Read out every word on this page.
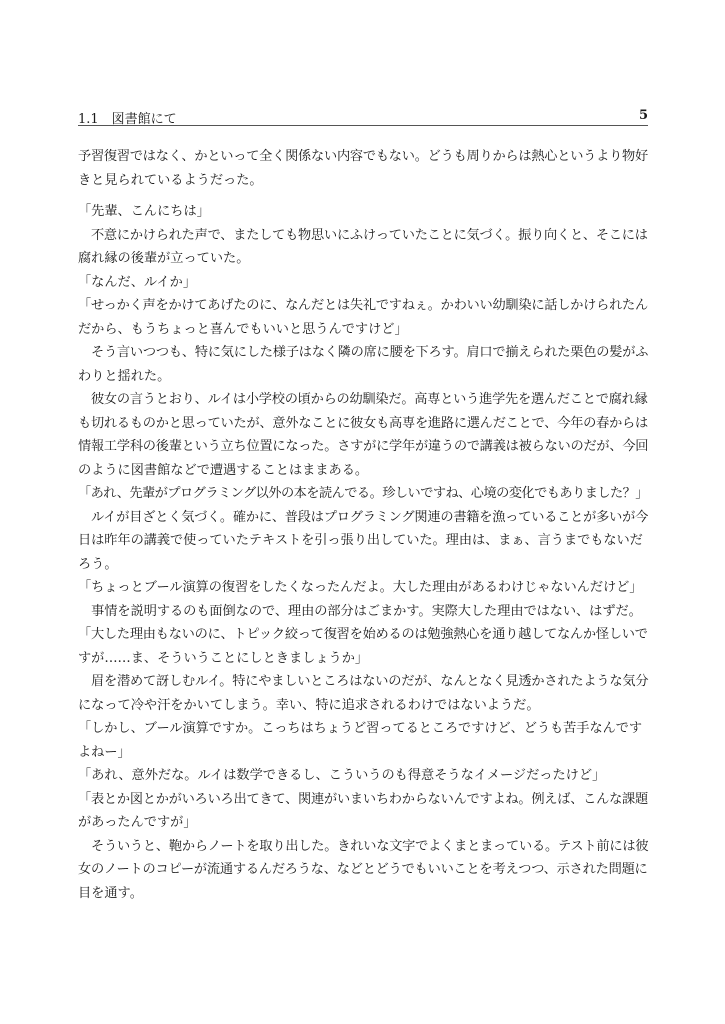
1.1　図書館にて	5
予習復習ではなく、かといって全く関係ない内容でもない。どうも周りからは熱心というより物好
きと見られているようだった。
「先輩、こんにちは」
　不意にかけられた声で、またしても物思いにふけっていたことに気づく。振り向くと、そこには
腐れ縁の後輩が立っていた。
「なんだ、ルイか」
「せっかく声をかけてあげたのに、なんだとは失礼ですねぇ。かわいい幼馴染に話しかけられたん
だから、もうちょっと喜んでもいいと思うんですけど」
　そう言いつつも、特に気にした様子はなく隣の席に腰を下ろす。肩口で揃えられた栗色の髪がふ
わりと揺れた。
　彼女の言うとおり、ルイは小学校の頃からの幼馴染だ。高専という進学先を選んだことで腐れ縁
も切れるものかと思っていたが、意外なことに彼女も高専を進路に選んだことで、今年の春からは
情報工学科の後輩という立ち位置になった。さすがに学年が違うので講義は被らないのだが、今回
のように図書館などで遭遇することはままある。
「あれ、先輩がプログラミング以外の本を読んでる。珍しいですね、心境の変化でもありました？」
　ルイが目ざとく気づく。確かに、普段はプログラミング関連の書籍を漁っていることが多いが今
日は昨年の講義で使っていたテキストを引っ張り出していた。理由は、まぁ、言うまでもないだ
ろう。
「ちょっとブール演算の復習をしたくなったんだよ。大した理由があるわけじゃないんだけど」
　事情を説明するのも面倒なので、理由の部分はごまかす。実際大した理由ではない、はずだ。
「大した理由もないのに、トピック絞って復習を始めるのは勉強熱心を通り越してなんか怪しいで
すが……ま、そういうことにしときましょうか」
　眉を潜めて訝しむルイ。特にやましいところはないのだが、なんとなく見透かされたような気分
になって冷や汗をかいてしまう。幸い、特に追求されるわけではないようだ。
「しかし、ブール演算ですか。こっちはちょうど習ってるところですけど、どうも苦手なんです
よねー」
「あれ、意外だな。ルイは数学できるし、こういうのも得意そうなイメージだったけど」
「表とか図とかがいろいろ出てきて、関連がいまいちわからないんですよね。例えば、こんな課題
があったんですが」
　そういうと、鞄からノートを取り出した。きれいな文字でよくまとまっている。テスト前には彼
女のノートのコピーが流通するんだろうな、などとどうでもいいことを考えつつ、示された問題に
目を通す。
